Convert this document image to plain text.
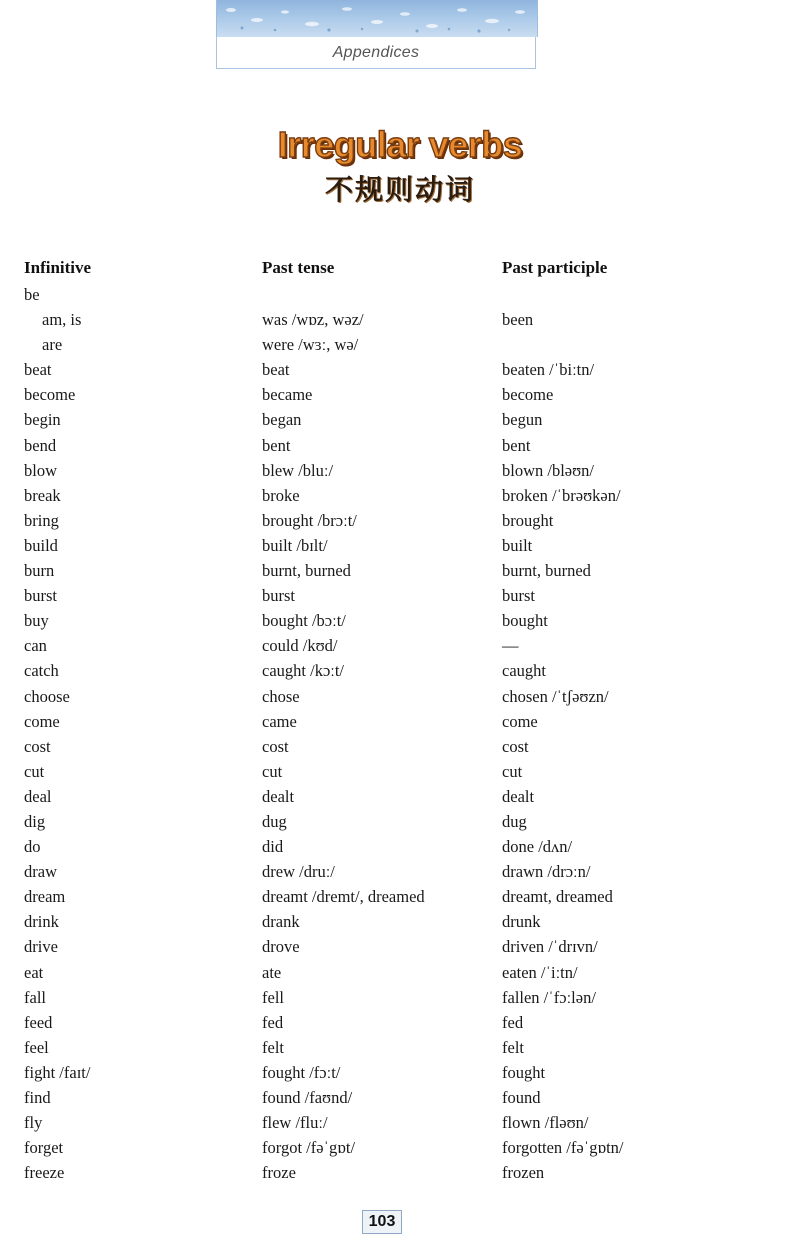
Appendices
Irregular verbs
不规则动词
Infinitive	Past tense	Past participle
be
am, is	was /wɒz, wəz/	been
are	were /wɜː, wə/
beat	beat	beaten /ˈbiːtn/
become	became	become
begin	began	begun
bend	bent	bent
blow	blew /bluː/	blown /bləʊn/
break	broke	broken /ˈbrəʊkən/
bring	brought /brɔːt/	brought
build	built /bɪlt/	built
burn	burnt, burned	burnt, burned
burst	burst	burst
buy	bought /bɔːt/	bought
can	could /kʊd/	—
catch	caught /kɔːt/	caught
choose	chose	chosen /ˈtʃəʊzn/
come	came	come
cost	cost	cost
cut	cut	cut
deal	dealt	dealt
dig	dug	dug
do	did	done /dʌn/
draw	drew /druː/	drawn /drɔːn/
dream	dreamt /dremt/, dreamed	dreamt, dreamed
drink	drank	drunk
drive	drove	driven /ˈdrɪvn/
eat	ate	eaten /ˈiːtn/
fall	fell	fallen /ˈfɔːlən/
feed	fed	fed
feel	felt	felt
fight /faɪt/	fought /fɔːt/	fought
find	found /faʊnd/	found
fly	flew /fluː/	flown /fləʊn/
forget	forgot /fəˈgɒt/	forgotten /fəˈgɒtn/
freeze	froze	frozen
103
